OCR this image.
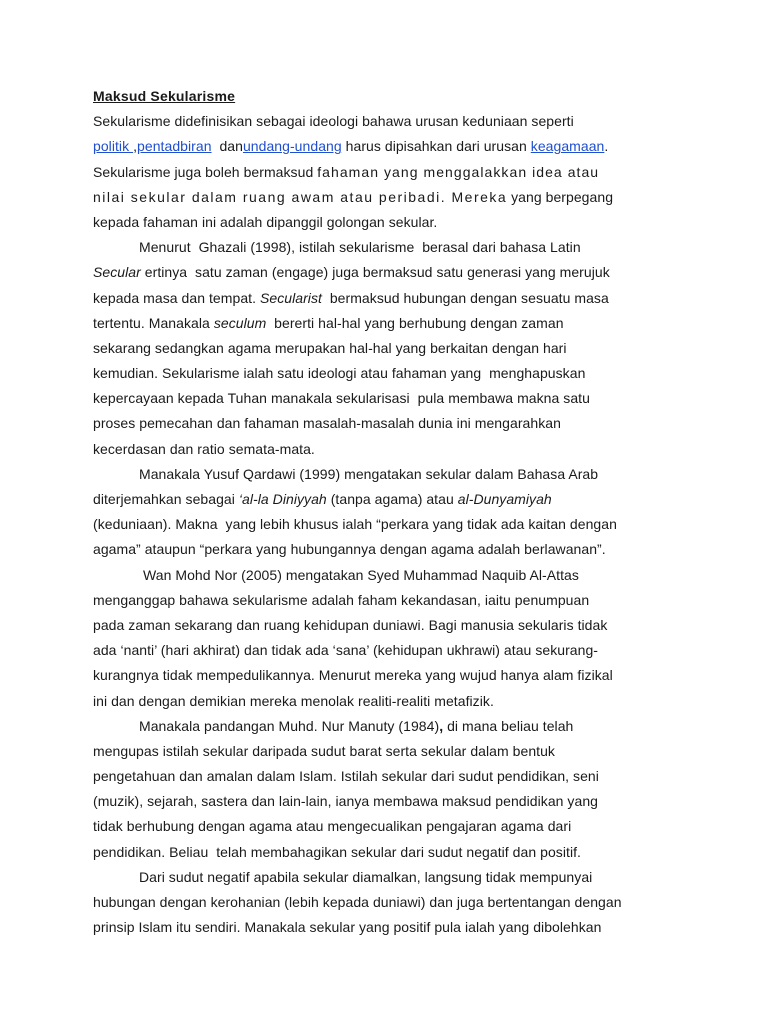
Maksud Sekularisme
Sekularisme didefinisikan sebagai ideologi bahawa urusan keduniaan seperti
politik ,pentadbiran  danundang-undang harus dipisahkan dari urusan keagamaan.
Sekularisme juga boleh bermaksud fahaman yang menggalakkan idea atau
nilai sekular dalam ruang awam atau peribadi. Mereka yang berpegang
kepada fahaman ini adalah dipanggil golongan sekular.
Menurut  Ghazali (1998), istilah sekularisme  berasal dari bahasa Latin
Secular ertinya  satu zaman (engage) juga bermaksud satu generasi yang merujuk
kepada masa dan tempat. Secularist  bermaksud hubungan dengan sesuatu masa
tertentu. Manakala seculum  bererti hal-hal yang berhubung dengan zaman
sekarang sedangkan agama merupakan hal-hal yang berkaitan dengan hari
kemudian. Sekularisme ialah satu ideologi atau fahaman yang  menghapuskan
kepercayaan kepada Tuhan manakala sekularisasi  pula membawa makna satu
proses pemecahan dan fahaman masalah-masalah dunia ini mengarahkan
kecerdasan dan ratio semata-mata.
Manakala Yusuf Qardawi (1999) mengatakan sekular dalam Bahasa Arab
diterjemahkan sebagai ‘al-la Diniyyah (tanpa agama) atau al-Dunyamiyah
(keduniaan). Makna  yang lebih khusus ialah “perkara yang tidak ada kaitan dengan
agama” ataupun “perkara yang hubungannya dengan agama adalah berlawanan”.
Wan Mohd Nor (2005) mengatakan Syed Muhammad Naquib Al-Attas
menganggap bahawa sekularisme adalah faham kekandasan, iaitu penumpuan
pada zaman sekarang dan ruang kehidupan duniawi. Bagi manusia sekularis tidak
ada ‘nanti’ (hari akhirat) dan tidak ada ‘sana’ (kehidupan ukhrawi) atau sekurang-
kurangnya tidak mempedulikannya. Menurut mereka yang wujud hanya alam fizikal
ini dan dengan demikian mereka menolak realiti-realiti metafizik.
Manakala pandangan Muhd. Nur Manuty (1984), di mana beliau telah
mengupas istilah sekular daripada sudut barat serta sekular dalam bentuk
pengetahuan dan amalan dalam Islam. Istilah sekular dari sudut pendidikan, seni
(muzik), sejarah, sastera dan lain-lain, ianya membawa maksud pendidikan yang
tidak berhubung dengan agama atau mengecualikan pengajaran agama dari
pendidikan. Beliau  telah membahagikan sekular dari sudut negatif dan positif.
Dari sudut negatif apabila sekular diamalkan, langsung tidak mempunyai
hubungan dengan kerohanian (lebih kepada duniawi) dan juga bertentangan dengan
prinsip Islam itu sendiri. Manakala sekular yang positif pula ialah yang dibolehkan
